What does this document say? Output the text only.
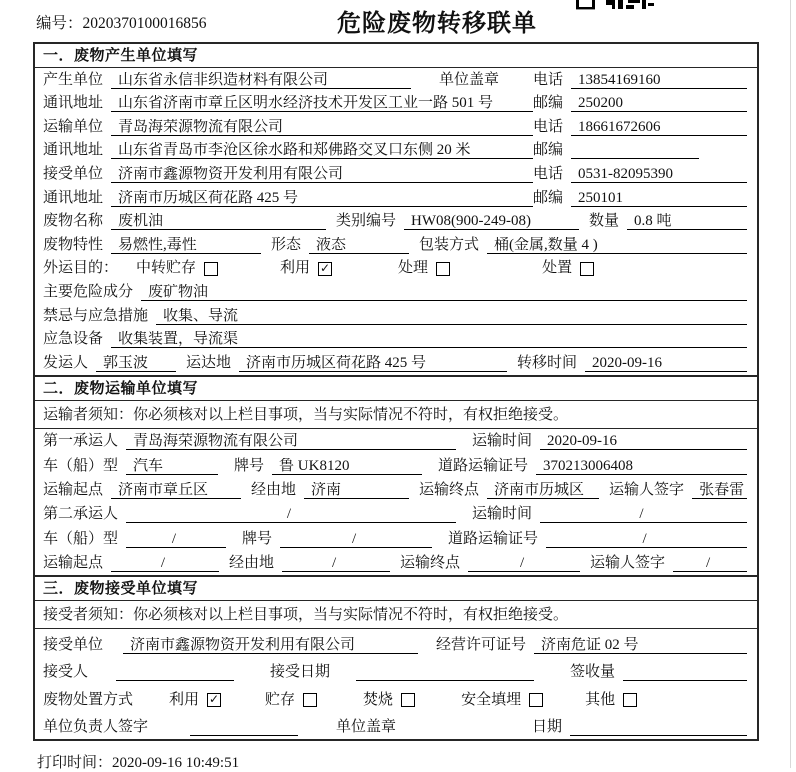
编号：2020370100016856	危险废物转移联单
一．废物产生单位填写
产生单位	山东省永信非织造材料有限公司	单位盖章 电话	13854169160
通讯地址	山东省济南市章丘区明水经济技术开发区工业一路 501 号	邮编	250200
运输单位	青岛海荣源物流有限公司	电话	18661672606
通讯地址	山东省青岛市李沧区徐水路和郑佛路交叉口东侧 20 米	邮编
接受单位	济南市鑫源物资开发利用有限公司	电话	0531-82095390
通讯地址	济南市历城区荷花路 425 号	邮编	250101
废物名称	废机油	类别编号	HW08(900-249-08)	数量	0.8 吨
废物特性	易燃性,毒性	形态	液态	包装方式	桶(金属,数量 4 )
外运目的： 中转贮存	利用 ✓	处理	处置
主要危险成分	废矿物油
禁忌与应急措施	收集、导流
应急设备	收集装置，导流渠
发运人	郭玉波	运达地	济南市历城区荷花路 425 号	转移时间	2020-09-16
二．废物运输单位填写
运输者须知：你必须核对以上栏目事项，当与实际情况不符时，有权拒绝接受。
第一承运人	青岛海荣源物流有限公司	运输时间	2020-09-16
车（船）型	汽车	牌号	鲁 UK8120	道路运输证号	370213006408
运输起点	济南市章丘区	经由地	济南	运输终点	济南市历城区	运输人签字	张春雷
第二承运人	/	运输时间	/
车（船）型	/	牌号	/	道路运输证号	/
运输起点	/	经由地	/	运输终点	/	运输人签字	/
三．废物接受单位填写
接受者须知：你必须核对以上栏目事项，当与实际情况不符时，有权拒绝接受。
接受单位	济南市鑫源物资开发利用有限公司	经营许可证号	济南危证 02 号
接受人	接受日期	签收量
废物处置方式 利用 ✓	贮存	焚烧	安全填埋	其他
单位负责人签字	单位盖章	日期
打印时间：2020-09-16 10:49:51
